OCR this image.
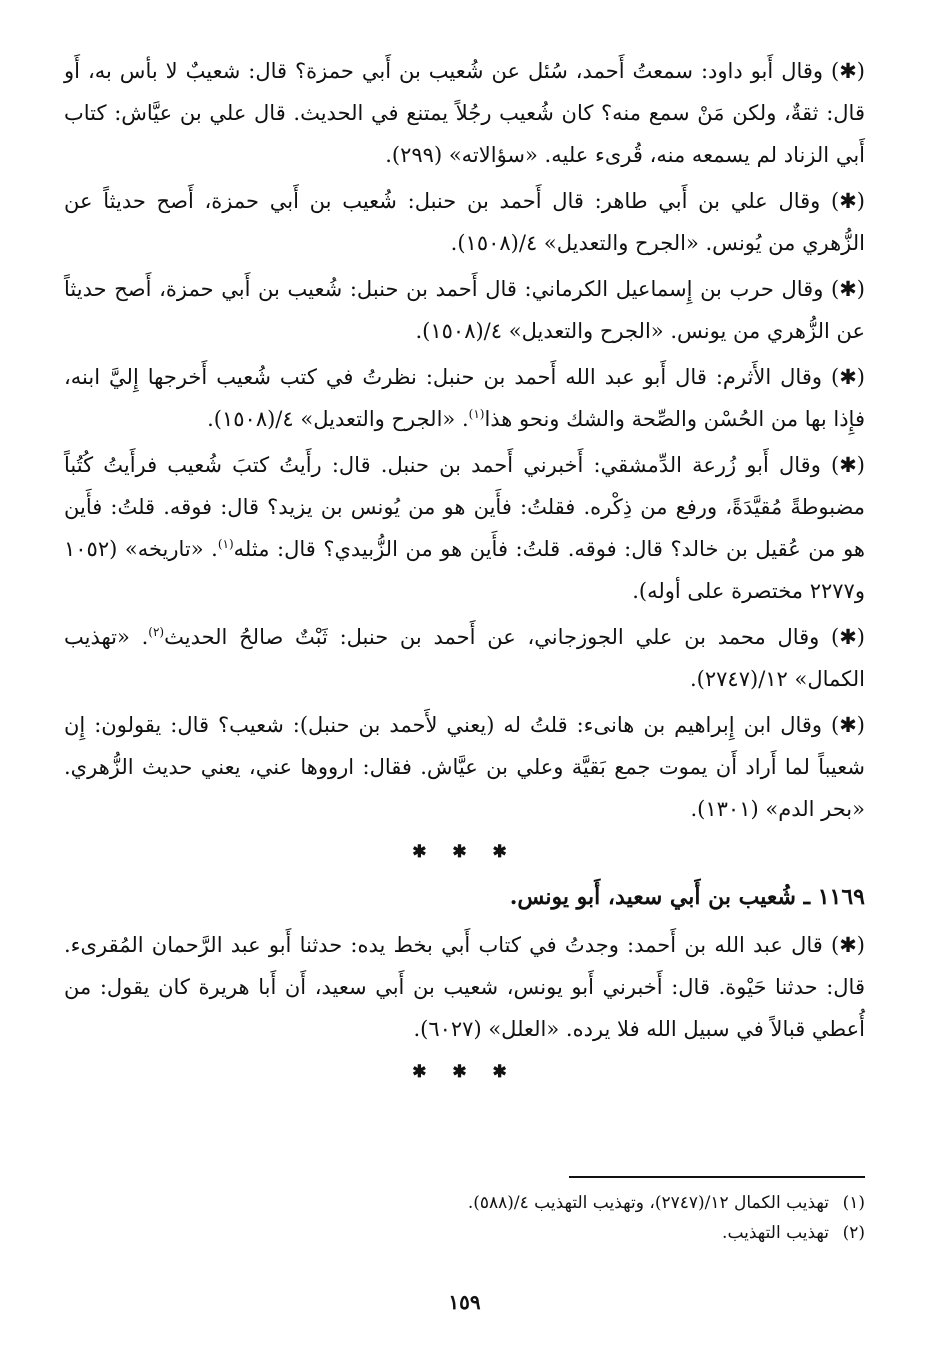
(✱) وقال أَبو داود: سمعتُ أَحمد، سُئل عن شُعيب بن أَبي حمزة؟ قال: شعيبٌ لا بأس به، أَو قال: ثقةٌ، ولكن مَنْ سمع منه؟ كان شُعيب رجُلاً يمتنع في الحديث. قال علي بن عيَّاش: كتاب أَبي الزناد لم يسمعه منه، قُرىء عليه. «سؤالاته» (٢٩٩).

(✱) وقال علي بن أَبي طاهر: قال أَحمد بن حنبل: شُعيب بن أَبي حمزة، أَصح حديثاً عن الزُّهري من يُونس. «الجرح والتعديل» ٤/(١٥٠٨).

(✱) وقال حرب بن إِسماعيل الكرماني: قال أَحمد بن حنبل: شُعيب بن أَبي حمزة، أَصح حديثاً عن الزُّهري من يونس. «الجرح والتعديل» ٤/(١٥٠٨).

(✱) وقال الأَثرم: قال أَبو عبد الله أَحمد بن حنبل: نظرتُ في كتب شُعيب أَخرجها إِليَّ ابنه، فإِذا بها من الحُسْن والصِّحة والشك ونحو هذا$^{(١)}$. «الجرح والتعديل» ٤/(١٥٠٨).

(✱) وقال أَبو زُرعة الدِّمشقي: أَخبرني أَحمد بن حنبل. قال: رأَيتُ كتبَ شُعيب فرأَيتُ كُتُباً مضبوطةً مُقيَّدَةً، ورفع من ذِكْره. فقلتُ: فأَين هو من يُونس بن يزيد؟ قال: فوقه. قلتُ: فأَين هو من عُقيل بن خالد؟ قال: فوقه. قلتُ: فأَين هو من الزُّبيدي؟ قال: مثله$^{(١)}$. «تاريخه» (١٠٥٢ و٢٢٧٧ مختصرة على أوله).

(✱) وقال محمد بن علي الجوزجاني، عن أَحمد بن حنبل: ثَبْتٌ صالحُ الحديث$^{(٢)}$. «تهذيب الكمال» ١٢/(٢٧٤٧).

(✱) وقال ابن إِبراهيم بن هانىء: قلتُ له (يعني لأَحمد بن حنبل): شعيب؟ قال: يقولون: إِن شعيباً لما أَراد أَن يموت جمع بَقيَّة وعلي بن عيَّاش. فقال: ارووها عني، يعني حديث الزُّهري. «بحر الدم» (١٣٠١).

✱ ✱ ✱
١١٦٩ ـ شُعيب بن أَبي سعيد، أَبو يونس.

(✱) قال عبد الله بن أَحمد: وجدتُ في كتاب أَبي بخط يده: حدثنا أَبو عبد الرَّحمان المُقرىء. قال: حدثنا حَيْوة. قال: أَخبرني أَبو يونس، شعيب بن أَبي سعيد، أَن أَبا هريرة كان يقول: من أُعطي قبالاً في سبيل الله فلا يرده. «العلل» (٦٠٢٧).

✱ ✱ ✱
(١)تهذيب الكمال ١٢/(٢٧٤٧)، وتهذيب التهذيب ٤/(٥٨٨).
(٢)تهذيب التهذيب.
١٥٩
